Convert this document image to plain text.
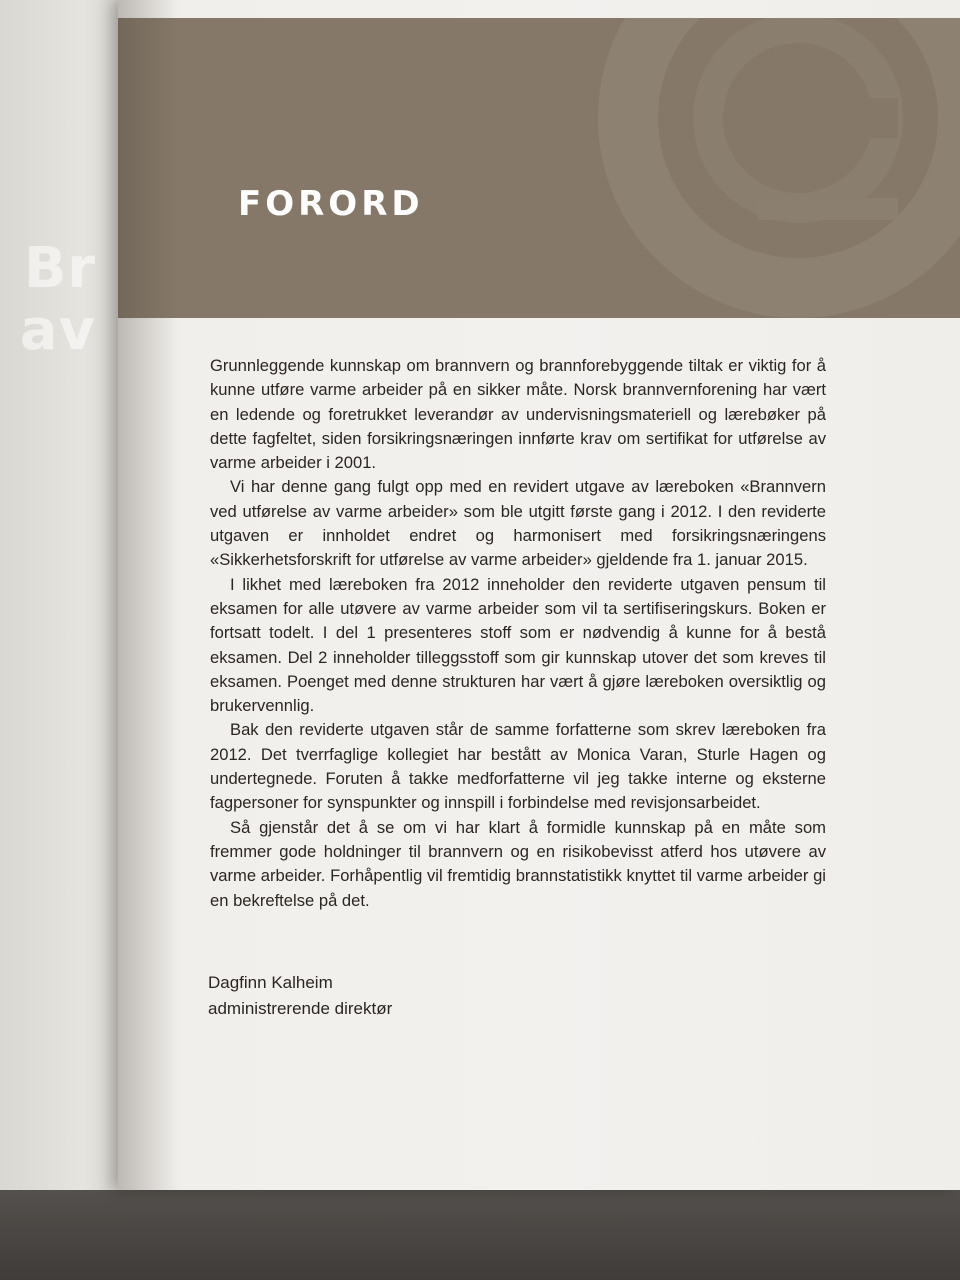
Br
av
FORORD

Grunnleggende kunnskap om brannvern og brannforebyggende tiltak er viktig for å kunne utføre varme arbeider på en sikker måte. Norsk brannvernforening har vært en ledende og foretrukket leverandør av undervisningsmateriell og lærebøker på dette fagfeltet, siden forsikringsnæringen innførte krav om sertifikat for utførelse av varme arbeider i 2001.

Vi har denne gang fulgt opp med en revidert utgave av læreboken «Brannvern ved utførelse av varme arbeider» som ble utgitt første gang i 2012. I den reviderte utgaven er innholdet endret og harmonisert med forsikringsnæringens «Sikkerhetsforskrift for utførelse av varme arbeider» gjeldende fra 1. januar 2015.

I likhet med læreboken fra 2012 inneholder den reviderte utgaven pensum til eksamen for alle utøvere av varme arbeider som vil ta sertifiseringskurs. Boken er fortsatt todelt. I del 1 presenteres stoff som er nødvendig å kunne for å bestå eksamen. Del 2 inneholder tilleggsstoff som gir kunnskap utover det som kreves til eksamen. Poenget med denne strukturen har vært å gjøre læreboken oversiktlig og brukervennlig.

Bak den reviderte utgaven står de samme forfatterne som skrev læreboken fra 2012. Det tverrfaglige kollegiet har bestått av Monica Varan, Sturle Hagen og undertegnede. Foruten å takke medforfatterne vil jeg takke interne og eksterne fagpersoner for synspunkter og innspill i forbindelse med revisjonsarbeidet.

Så gjenstår det å se om vi har klart å formidle kunnskap på en måte som fremmer gode holdninger til brannvern og en risikobevisst atferd hos utøvere av varme arbeider. Forhåpentlig vil fremtidig brannstatistikk knyttet til varme arbeider gi en bekreftelse på det.

Dagfinn Kalheim
administrerende direktør
